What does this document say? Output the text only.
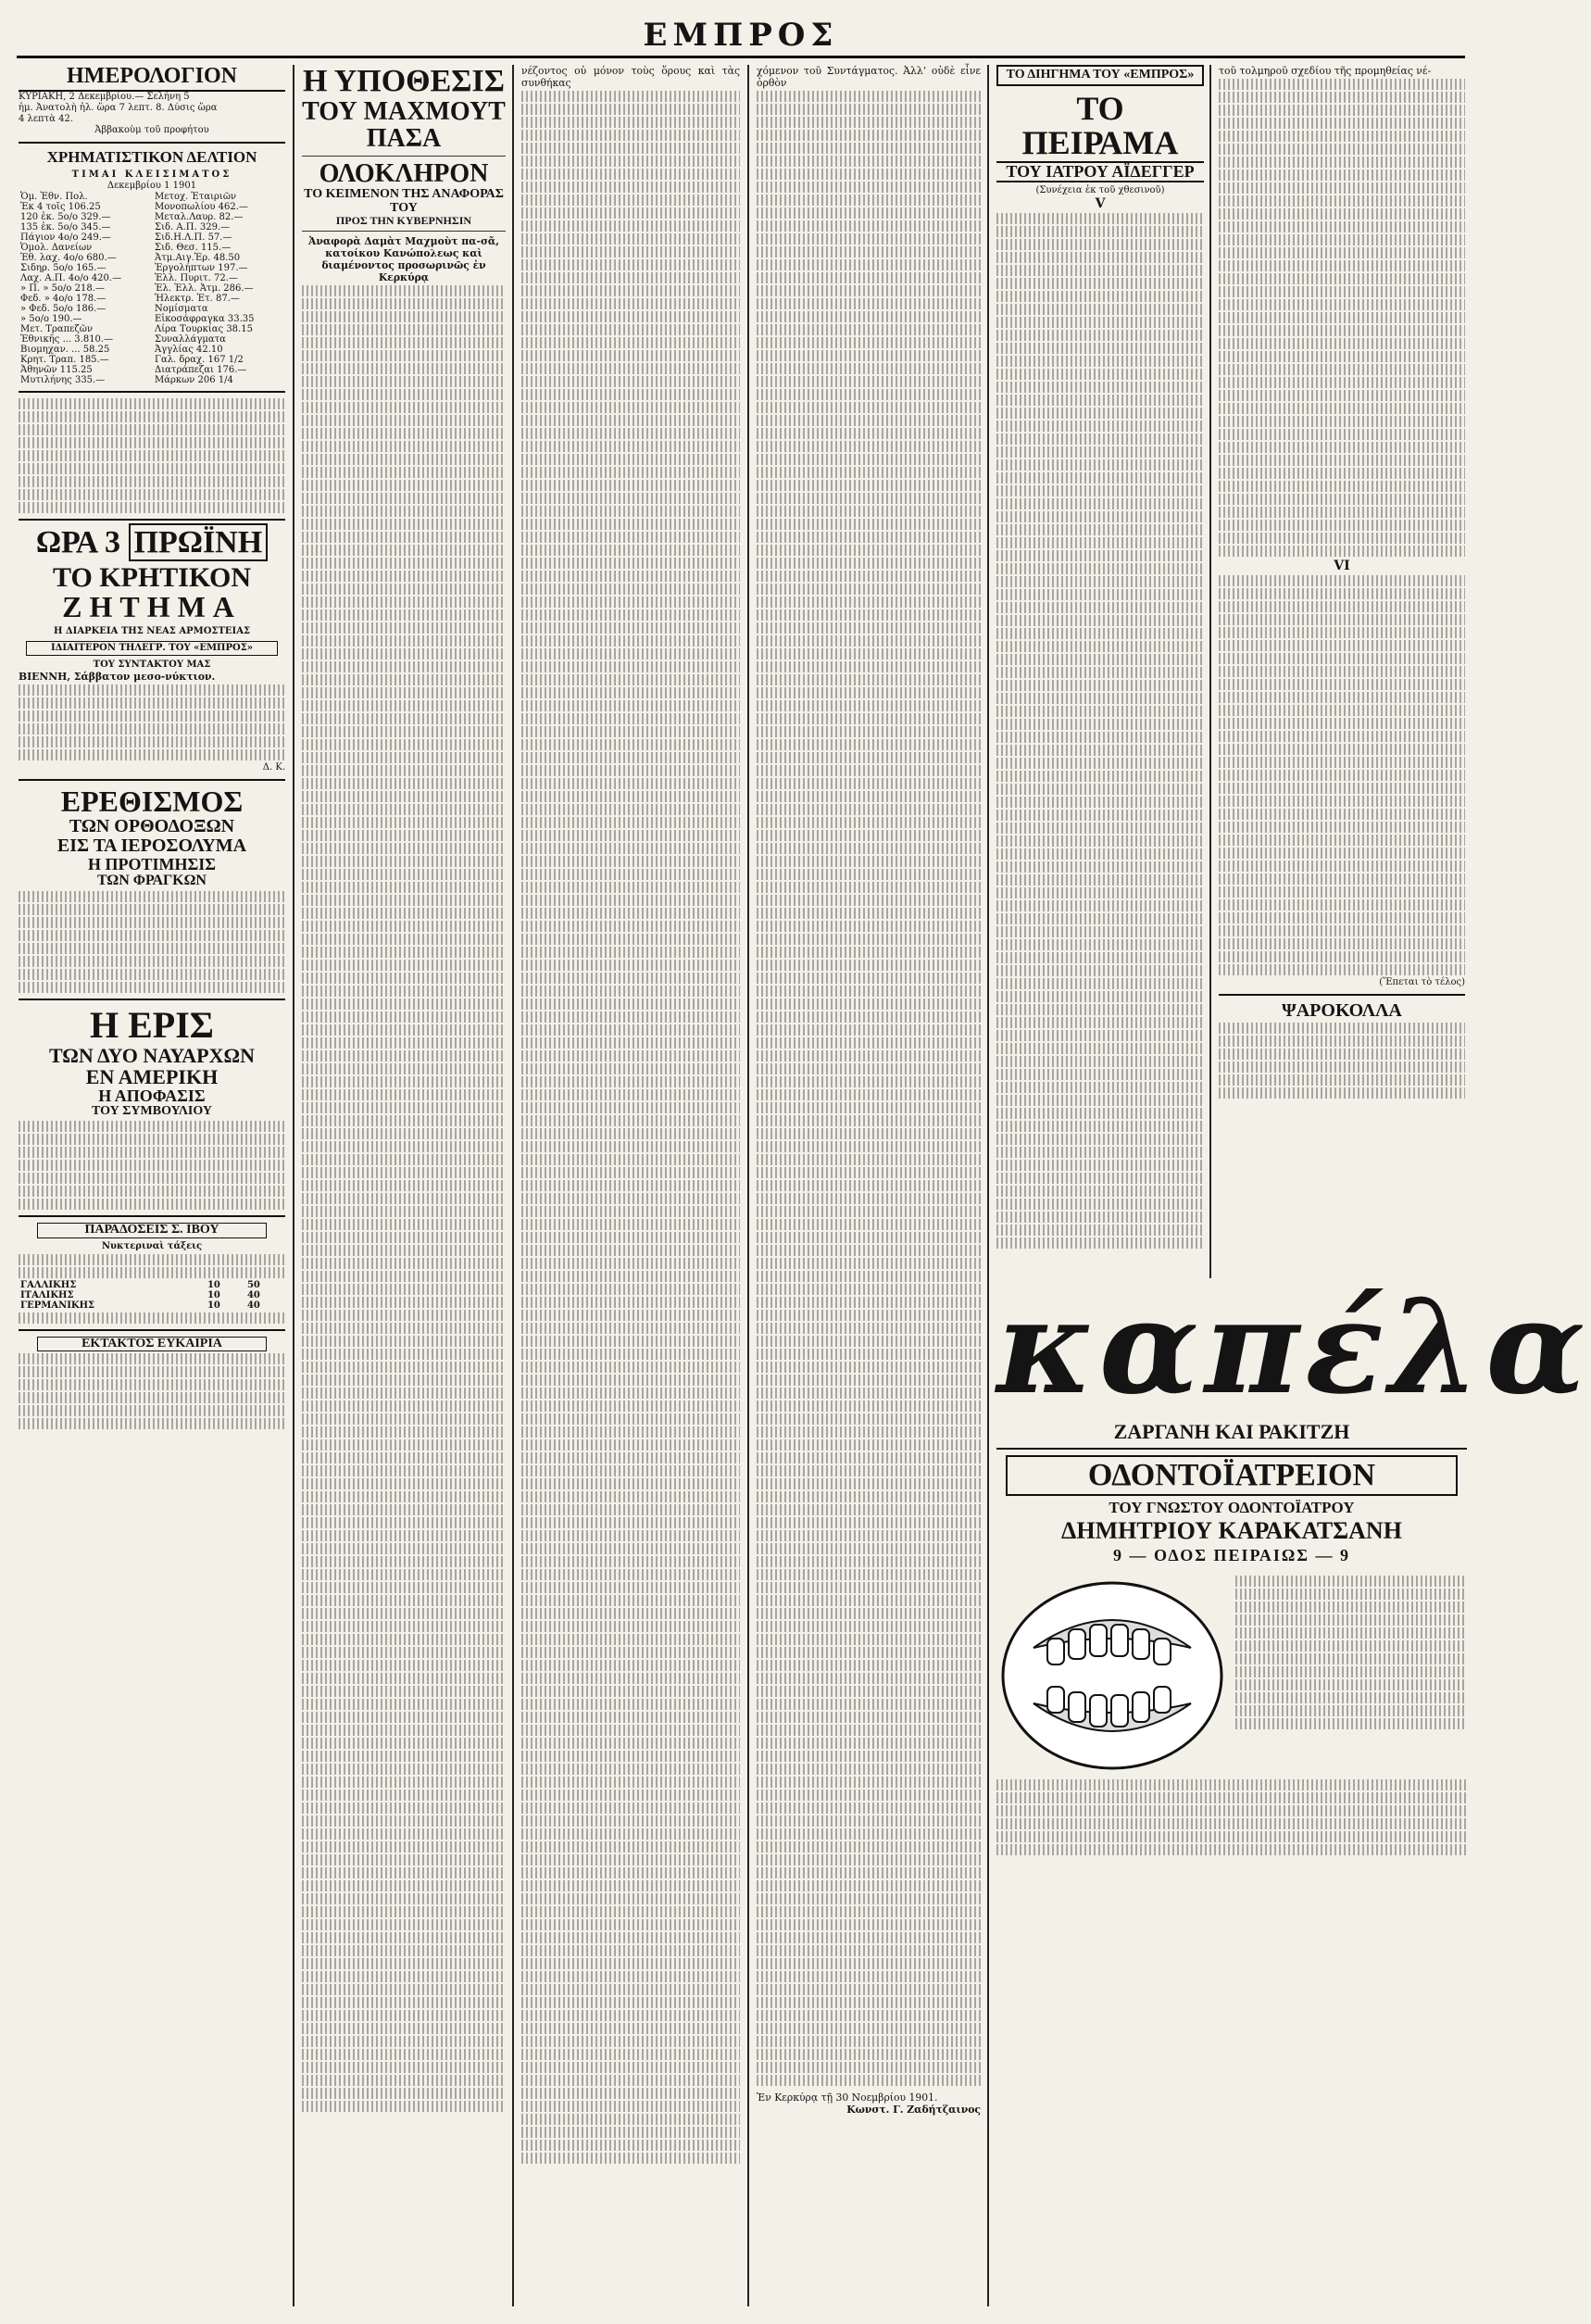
ΕΜΠΡΟΣ
ΗΜΕΡΟΛΟΓΙΟΝ
ΚΥΡΙΑΚΗ, 2 Δεκεμβρίου.— Σελήνη 5
ἡμ. Ἀνατολὴ ἡλ. ὥρα 7 λεπτ. 8. Δύσις ὥρα
4 λεπτὰ 42.
Ἀββακοὺμ τοῦ προφήτου
ΧΡΗΜΑΤΙΣΤΙΚΟΝ ΔΕΛΤΙΟΝ
ΤΙΜΑΙ ΚΛΕΙΣΙΜΑΤΟΣ
Δεκεμβρίου 1 1901
Ὁμ. Ἐθν. Πολ.	Μετοχ. Ἑταιριῶν
Ἐκ 4 τοῖς 106.25	Μονοπωλίου 462.—
120 ἐκ. 5ο/ο 329.—	Μεταλ.Λαυρ. 82.—
135 ἐκ. 5ο/ο 345.—	Σιδ. Α.Π. 329.—
Πάγιον 4ο/ο 249.—	Σιδ.Η.Λ.Π. 57.—
Ὁμολ. Δανείων	Σιδ. Θεσ. 115.—
Ἐθ. λαχ. 4ο/ο 680.—	Ἀτμ.Αιγ.Ἐρ. 48.50
Σιδηρ. 5ο/ο 165.—	Ἐργολήπτων 197.—
Λαχ. Α.Π. 4ο/ο 420.—	Ἑλλ. Πυριτ. 72.—
» Π. » 5ο/ο 218.—	Ἐλ. Ἑλλ. Ἀτμ. 286.—
Φεδ. » 4ο/ο 178.—	Ἠλεκτρ. Ἐτ. 87.—
» Φεδ. 5ο/ο 186.—	Νομίσματα
» 5ο/ο 190.—	Εἰκοσάφραγκα 33.35
Μετ. Τραπεζῶν	Λίρα Τουρκίας 38.15
Ἐθνικῆς ... 3.810.—	Συναλλάγματα
Βιομηχαν. ... 58.25	Ἀγγλίας 42.10
Κρητ. Τραπ. 185.—	Γαλ. δραχ. 167 1/2
Ἀθηνῶν 115.25	Διατράπεζαι 176.—
Μυτιλήνης 335.—	Μάρκων 206 1/4
ΩΡΑ 3 ΠΡΩΪΝΗ
ΤΟ ΚΡΗΤΙΚΟΝ
ΖΗΤΗΜΑ
Η ΔΙΑΡΚΕΙΑ ΤΗΣ ΝΕΑΣ ΑΡΜΟΣΤΕΙΑΣ
ΙΔΙΑΙΤΕΡΟΝ ΤΗΛΕΓΡ. ΤΟΥ «ΕΜΠΡΟΣ»
ΤΟΥ ΣΥΝΤΑΚΤΟΥ ΜΑΣ
ΒΙΕΝΝΗ, Σάββατον μεσο-νύκτιον.
Δ. Κ.
ΕΡΕΘΙΣΜΟΣ
ΤΩΝ ΟΡΘΟΔΟΞΩΝ
ΕΙΣ ΤΑ ΙΕΡΟΣΟΛΥΜΑ
Η ΠΡΟΤΙΜΗΣΙΣ
ΤΩΝ ΦΡΑΓΚΩΝ
Η ΕΡΙΣ
ΤΩΝ ΔΥΟ ΝΑΥΑΡΧΩΝ
ΕΝ ΑΜΕΡΙΚΗ
Η ΑΠΟΦΑΣΙΣ
ΤΟΥ ΣΥΜΒΟΥΛΙΟΥ
ΠΑΡΑΔΟΣΕΙΣ Σ. ΙΒΟΥ
Νυκτεριναὶ τάξεις
ΓΑΛΛΙΚΗΣ	10	50
ΙΤΑΛΙΚΗΣ	10	40
ΓΕΡΜΑΝΙΚΗΣ	10	40
ΕΚΤΑΚΤΟΣ ΕΥΚΑΙΡΙΑ
Η ΥΠΟΘΕΣΙΣ
ΤΟΥ ΜΑΧΜΟΥΤ ΠΑΣΑ
ΟΛΟΚΛΗΡΟΝ
ΤΟ ΚΕΙΜΕΝΟΝ ΤΗΣ ΑΝΑΦΟΡΑΣ ΤΟΥ
ΠΡΟΣ ΤΗΝ ΚΥΒΕΡΝΗΣΙΝ
Ἀναφορὰ Δαμὰτ Μαχμοὺτ πα-σᾶ, κατοίκου Κανώπολεως καὶ διαμένοντος προσωρινῶς ἐν Κερκύρᾳ
νέζοντος οὐ μόνον τοὺς ὅρους καὶ τὰς συνθήκας
χόμενον τοῦ Συντάγματος. Ἀλλ’ οὐδὲ εἶνε ὀρθὸν
Ἐν Κερκύρᾳ τῇ 30 Νοεμβρίου 1901.
Κωνστ. Γ. Ζαδήτζαινος
ΤΟ ΔΙΗΓΗΜΑ ΤΟΥ «ΕΜΠΡΟΣ»
ΤΟ ΠΕΙΡΑΜΑ
ΤΟΥ ΙΑΤΡΟΥ ΑΪΔΕΓΓΕΡ
(Συνέχεια ἐκ τοῦ χθεσινοῦ)
V
τοῦ τολμηροῦ σχεδίου τῆς προμηθείας νέ-
VI
(Ἕπεται τὸ τέλος)
ΨΑΡΟΚΟΛΛΑ
καπέλα
ΖΑΡΓΑΝΗ ΚΑΙ ΡΑΚΙΤΖΗ
ΟΔΟΝΤΟΪΑΤΡΕΙΟΝ
ΤΟΥ ΓΝΩΣΤΟΥ ΟΔΟΝΤΟΪΑΤΡΟΥ
ΔΗΜΗΤΡΙΟΥ ΚΑΡΑΚΑΤΣΑΝΗ
9 — ΟΔΟΣ ΠΕΙΡΑΙΩΣ — 9
